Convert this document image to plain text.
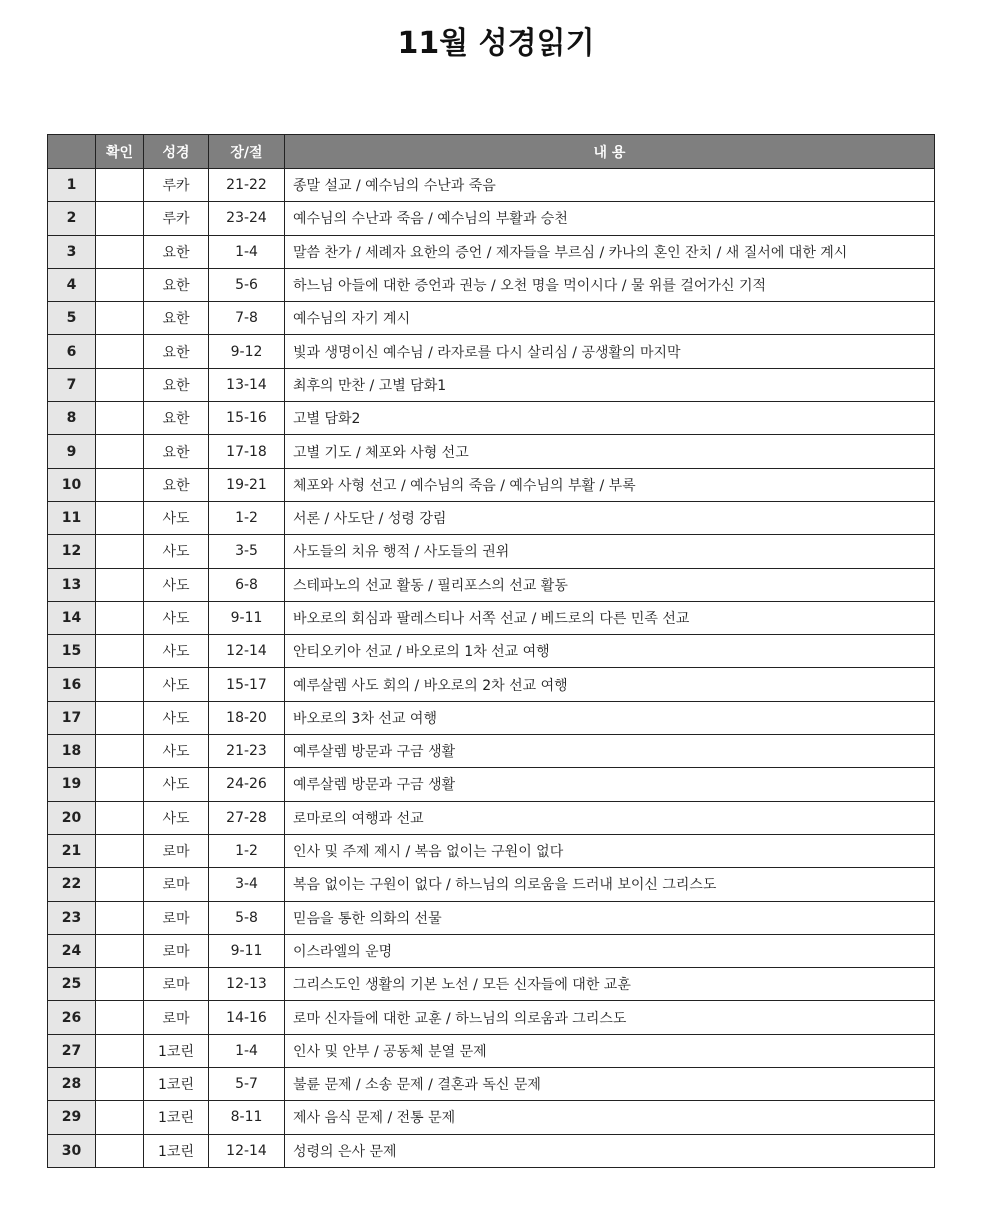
11월 성경읽기
	확인	성경	장/절	내 용
1		루카	21-22	종말 설교 / 예수님의 수난과 죽음
2		루카	23-24	예수님의 수난과 죽음 / 예수님의 부활과 승천
3		요한	1-4	말씀 찬가 / 세례자 요한의 증언 / 제자들을 부르심 / 카나의 혼인 잔치 / 새 질서에 대한 계시
4		요한	5-6	하느님 아들에 대한 증언과 권능 / 오천 명을 먹이시다 / 물 위를 걸어가신 기적
5		요한	7-8	예수님의 자기 계시
6		요한	9-12	빛과 생명이신 예수님 / 라자로를 다시 살리심 / 공생활의 마지막
7		요한	13-14	최후의 만찬 / 고별 담화1
8		요한	15-16	고별 담화2
9		요한	17-18	고별 기도 / 체포와 사형 선고
10		요한	19-21	체포와 사형 선고 / 예수님의 죽음 / 예수님의 부활 / 부록
11		사도	1-2	서론 / 사도단 / 성령 강림
12		사도	3-5	사도들의 치유 행적 / 사도들의 권위
13		사도	6-8	스테파노의 선교 활동 / 필리포스의 선교 활동
14		사도	9-11	바오로의 회심과 팔레스티나 서쪽 선교 / 베드로의 다른 민족 선교
15		사도	12-14	안티오키아 선교 / 바오로의 1차 선교 여행
16		사도	15-17	예루살렘 사도 회의 / 바오로의 2차 선교 여행
17		사도	18-20	바오로의 3차 선교 여행
18		사도	21-23	예루살렘 방문과 구금 생활
19		사도	24-26	예루살렘 방문과 구금 생활
20		사도	27-28	로마로의 여행과 선교
21		로마	1-2	인사 및 주제 제시 / 복음 없이는 구원이 없다
22		로마	3-4	복음 없이는 구원이 없다 / 하느님의 의로움을 드러내 보이신 그리스도
23		로마	5-8	믿음을 통한 의화의 선물
24		로마	9-11	이스라엘의 운명
25		로마	12-13	그리스도인 생활의 기본 노선 / 모든 신자들에 대한 교훈
26		로마	14-16	로마 신자들에 대한 교훈 / 하느님의 의로움과 그리스도
27		1코린	1-4	인사 및 안부 / 공동체 분열 문제
28		1코린	5-7	불륜 문제 / 소송 문제 / 결혼과 독신 문제
29		1코린	8-11	제사 음식 문제 / 전통 문제
30		1코린	12-14	성령의 은사 문제
